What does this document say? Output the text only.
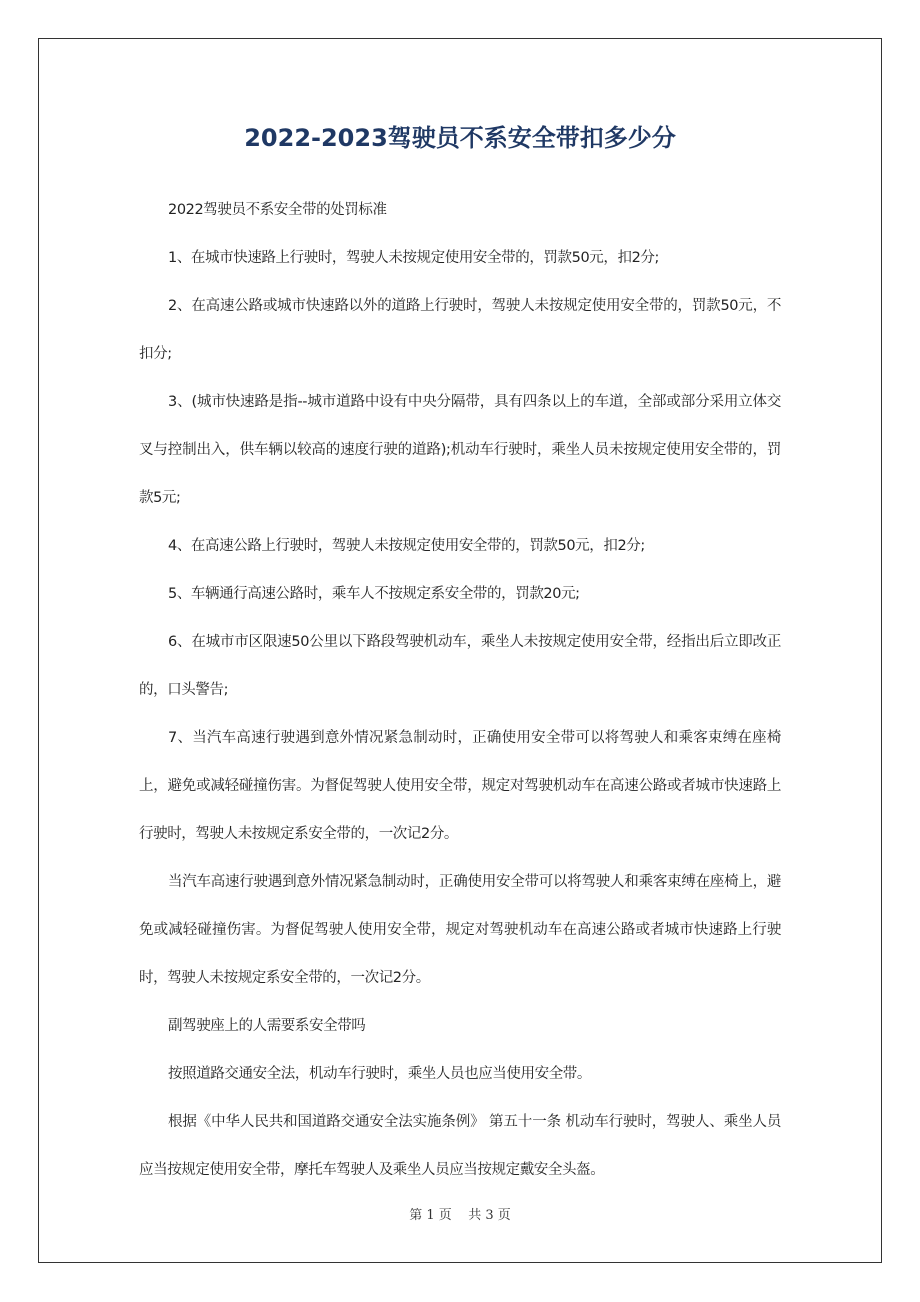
2022-2023驾驶员不系安全带扣多少分

2022驾驶员不系安全带的处罚标准

1、在城市快速路上行驶时，驾驶人未按规定使用安全带的，罚款50元，扣2分;

2、在高速公路或城市快速路以外的道路上行驶时，驾驶人未按规定使用安全带的，罚款50元，不扣分;

3、(城市快速路是指--城市道路中设有中央分隔带，具有四条以上的车道，全部或部分采用立体交叉与控制出入，供车辆以较高的速度行驶的道路);机动车行驶时，乘坐人员未按规定使用安全带的，罚款5元;

4、在高速公路上行驶时，驾驶人未按规定使用安全带的，罚款50元，扣2分;

5、车辆通行高速公路时，乘车人不按规定系安全带的，罚款20元;

6、在城市市区限速50公里以下路段驾驶机动车，乘坐人未按规定使用安全带，经指出后立即改正的，口头警告;

7、当汽车高速行驶遇到意外情况紧急制动时，正确使用安全带可以将驾驶人和乘客束缚在座椅上，避免或减轻碰撞伤害。为督促驾驶人使用安全带，规定对驾驶机动车在高速公路或者城市快速路上行驶时，驾驶人未按规定系安全带的，一次记2分。

当汽车高速行驶遇到意外情况紧急制动时，正确使用安全带可以将驾驶人和乘客束缚在座椅上，避免或减轻碰撞伤害。为督促驾驶人使用安全带，规定对驾驶机动车在高速公路或者城市快速路上行驶时，驾驶人未按规定系安全带的，一次记2分。

副驾驶座上的人需要系安全带吗

按照道路交通安全法，机动车行驶时，乘坐人员也应当使用安全带。

根据《中华人民共和国道路交通安全法实施条例》 第五十一条 机动车行驶时，驾驶人、乘坐人员应当按规定使用安全带，摩托车驾驶人及乘坐人员应当按规定戴安全头盔。

第 1 页 共 3 页
